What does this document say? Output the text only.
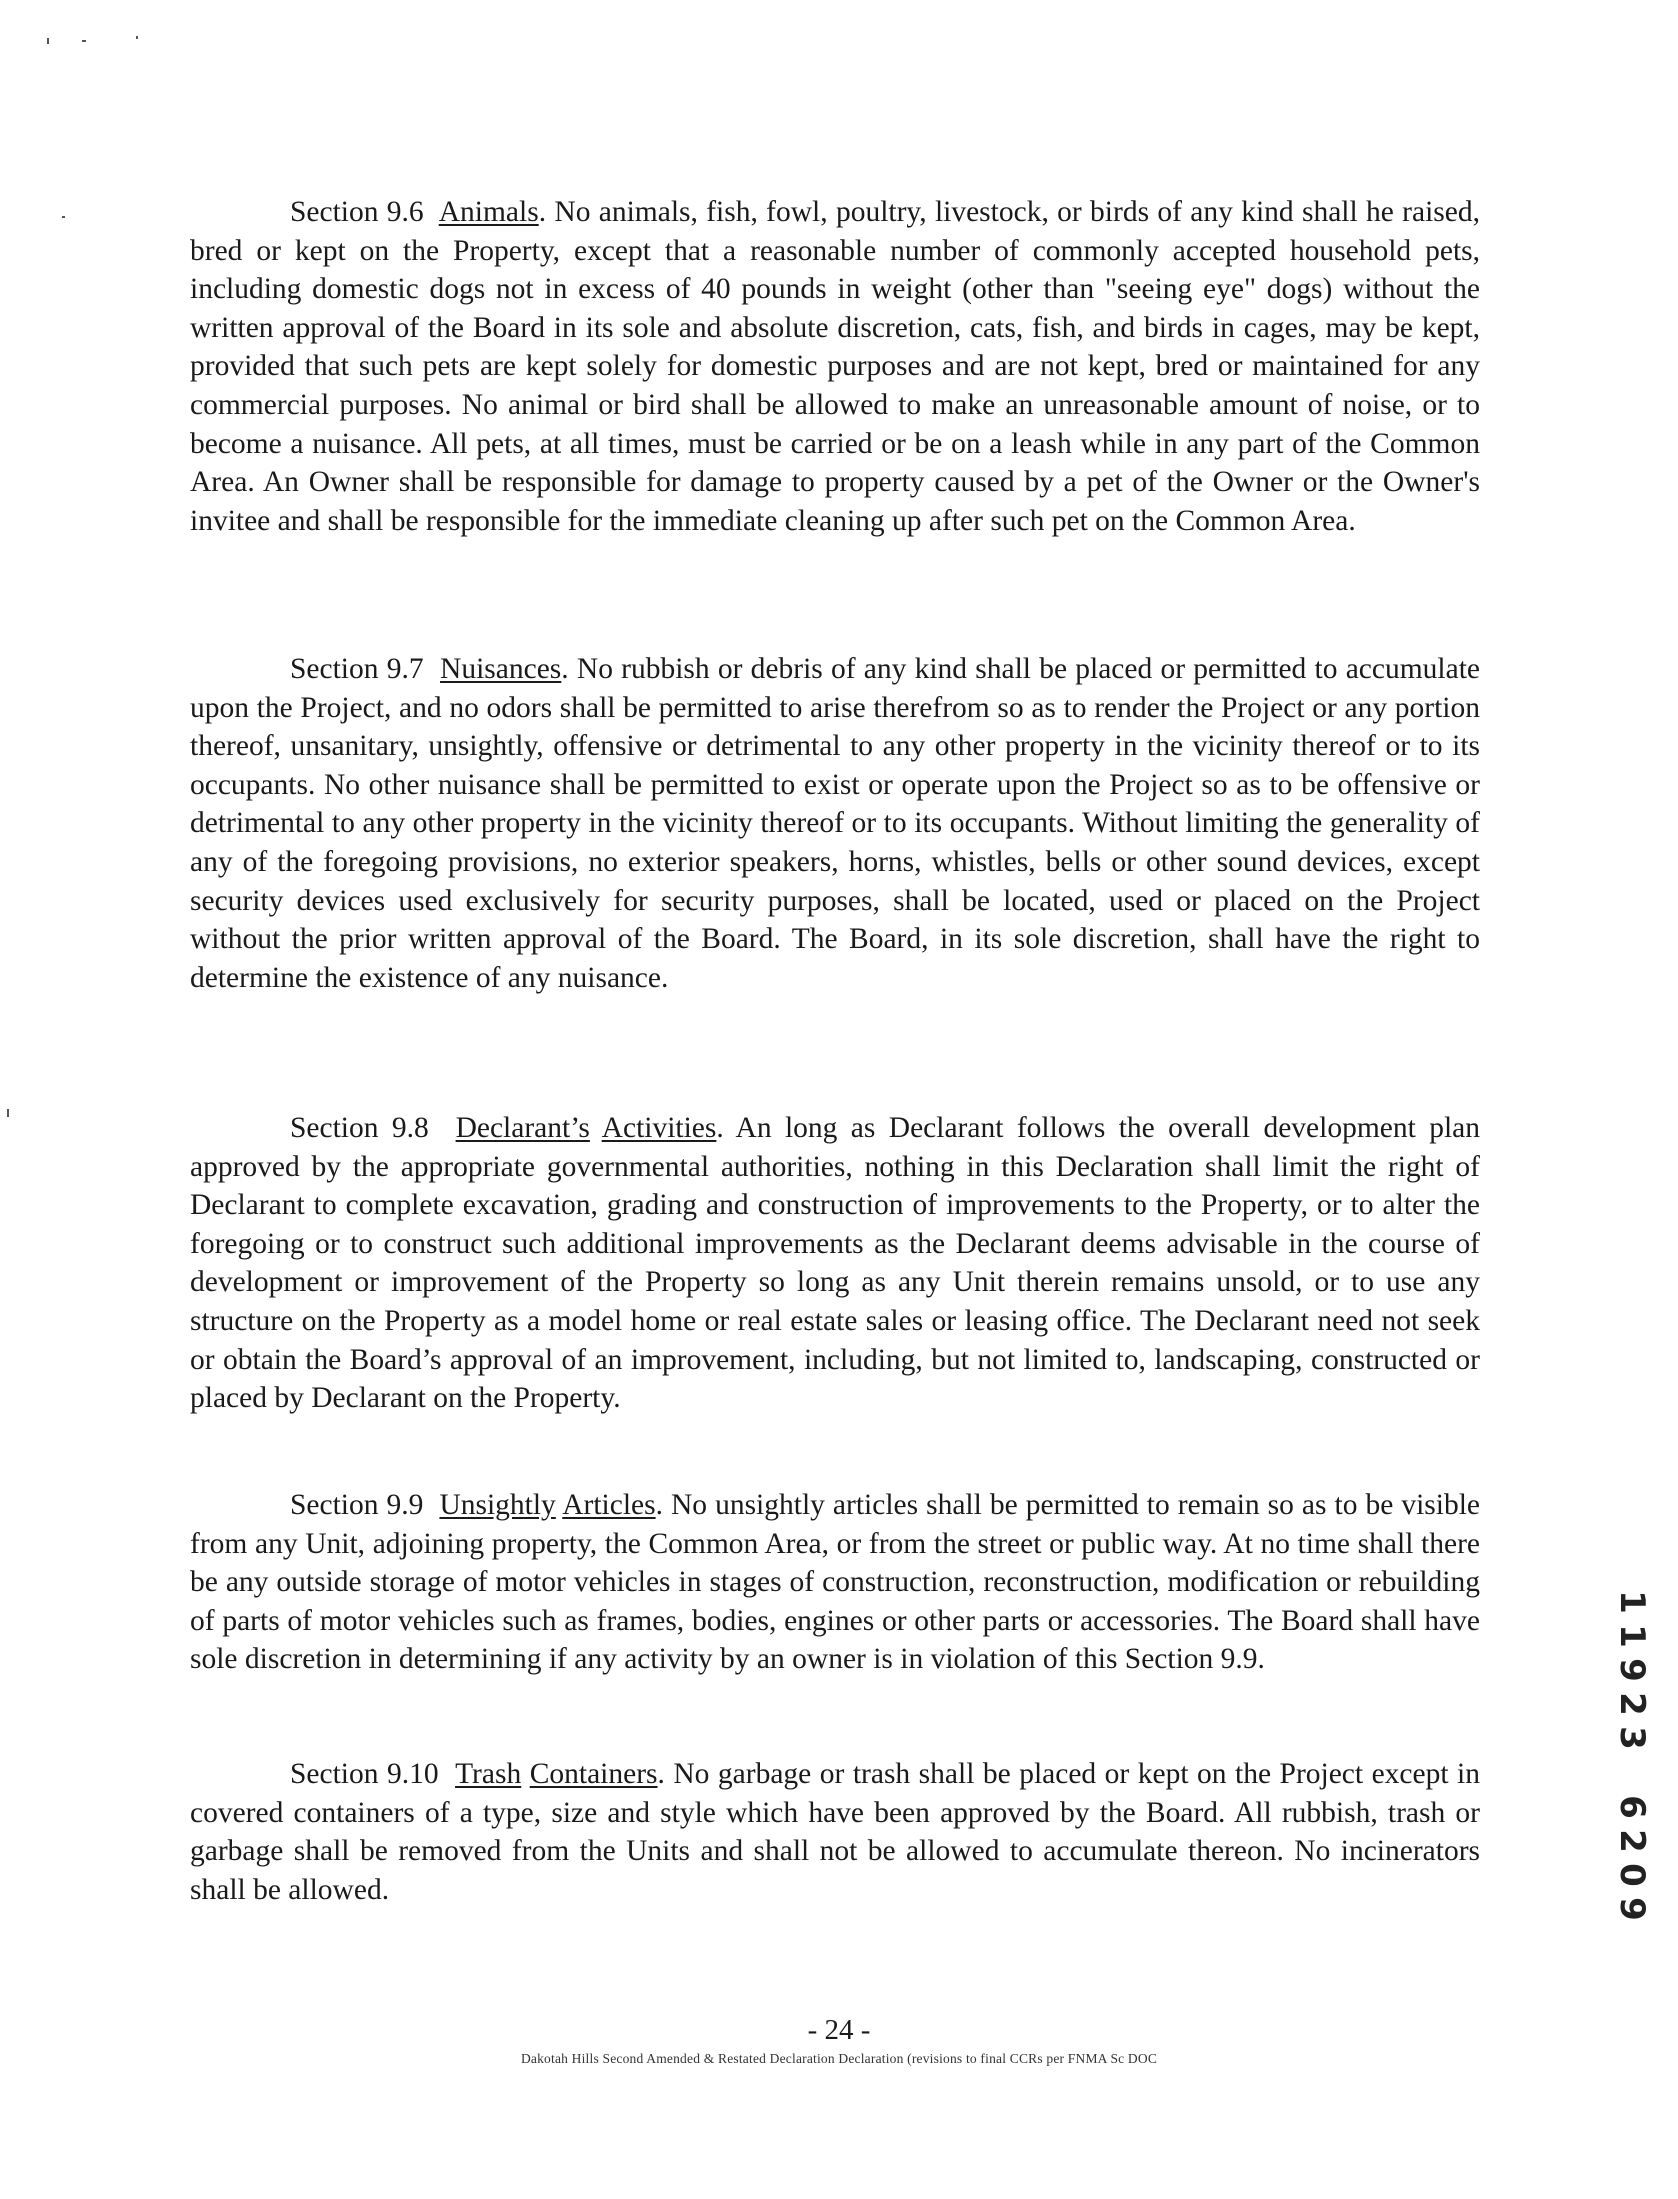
Section 9.6 Animals. No animals, fish, fowl, poultry, livestock, or birds of any kind shall he raised, bred or kept on the Property, except that a reasonable number of commonly accepted household pets, including domestic dogs not in excess of 40 pounds in weight (other than "seeing eye" dogs) without the written approval of the Board in its sole and absolute discretion, cats, fish, and birds in cages, may be kept, provided that such pets are kept solely for domestic purposes and are not kept, bred or maintained for any commercial purposes. No animal or bird shall be allowed to make an unreasonable amount of noise, or to become a nuisance. All pets, at all times, must be carried or be on a leash while in any part of the Common Area. An Owner shall be responsible for damage to property caused by a pet of the Owner or the Owner's invitee and shall be responsible for the immediate cleaning up after such pet on the Common Area.

Section 9.7 Nuisances. No rubbish or debris of any kind shall be placed or permitted to accumulate upon the Project, and no odors shall be permitted to arise therefrom so as to render the Project or any portion thereof, unsanitary, unsightly, offensive or detrimental to any other property in the vicinity thereof or to its occupants. No other nuisance shall be permitted to exist or operate upon the Project so as to be offensive or detrimental to any other property in the vicinity thereof or to its occupants. Without limiting the generality of any of the foregoing provisions, no exterior speakers, horns, whistles, bells or other sound devices, except security devices used exclusively for security purposes, shall be located, used or placed on the Project without the prior written approval of the Board. The Board, in its sole discretion, shall have the right to determine the existence of any nuisance.

Section 9.8 Declarant’s Activities. An long as Declarant follows the overall development plan approved by the appropriate governmental authorities, nothing in this Declaration shall limit the right of Declarant to complete excavation, grading and construction of improvements to the Property, or to alter the foregoing or to construct such additional improvements as the Declarant deems advisable in the course of development or improvement of the Property so long as any Unit therein remains unsold, or to use any structure on the Property as a model home or real estate sales or leasing office. The Declarant need not seek or obtain the Board’s approval of an improvement, including, but not limited to, landscaping, constructed or placed by Declarant on the Property.

Section 9.9 Unsightly Articles. No unsightly articles shall be permitted to remain so as to be visible from any Unit, adjoining property, the Common Area, or from the street or public way. At no time shall there be any outside storage of motor vehicles in stages of construction, reconstruction, modification or rebuilding of parts of motor vehicles such as frames, bodies, engines or other parts or accessories. The Board shall have sole discretion in determining if any activity by an owner is in violation of this Section 9.9.

Section 9.10 Trash Containers. No garbage or trash shall be placed or kept on the Project except in covered containers of a type, size and style which have been approved by the Board. All rubbish, trash or garbage shall be removed from the Units and shall not be allowed to accumulate thereon. No incinerators shall be allowed.

- 24 -
Dakotah Hills Second Amended & Restated Declaration Declaration (revisions to final CCRs per FNMA Sc DOC
1
1
9
2
3
6
2
0
9
